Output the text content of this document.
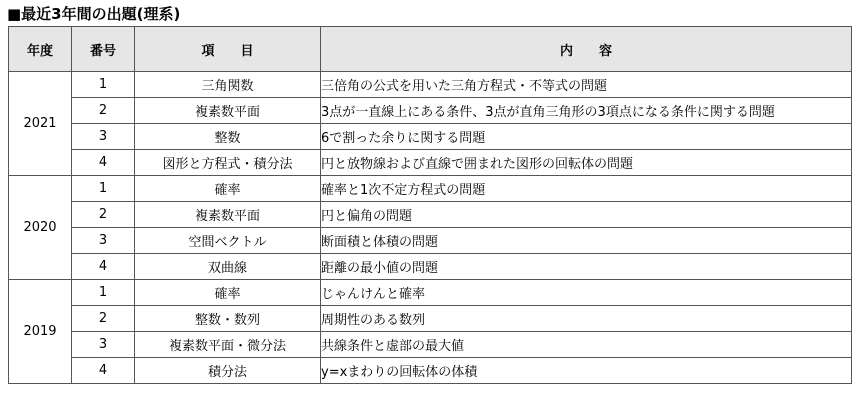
■最近3年間の出題(理系)
年度	番号	項　　目	内　　容
2021	1	三角関数	三倍角の公式を用いた三角方程式・不等式の問題
	2	複素数平面	3点が一直線上にある条件、3点が直角三角形の3項点になる条件に関する問題
	3	整数	6で割った余りに関する問題
	4	図形と方程式・積分法	円と放物線および直線で囲まれた図形の回転体の問題
2020	1	確率	確率と1次不定方程式の問題
	2	複素数平面	円と偏角の問題
	3	空間ベクトル	断面積と体積の問題
	4	双曲線	距離の最小値の問題
2019	1	確率	じゃんけんと確率
	2	整数・数列	周期性のある数列
	3	複素数平面・微分法	共線条件と虚部の最大値
	4	積分法	y=xまわりの回転体の体積
